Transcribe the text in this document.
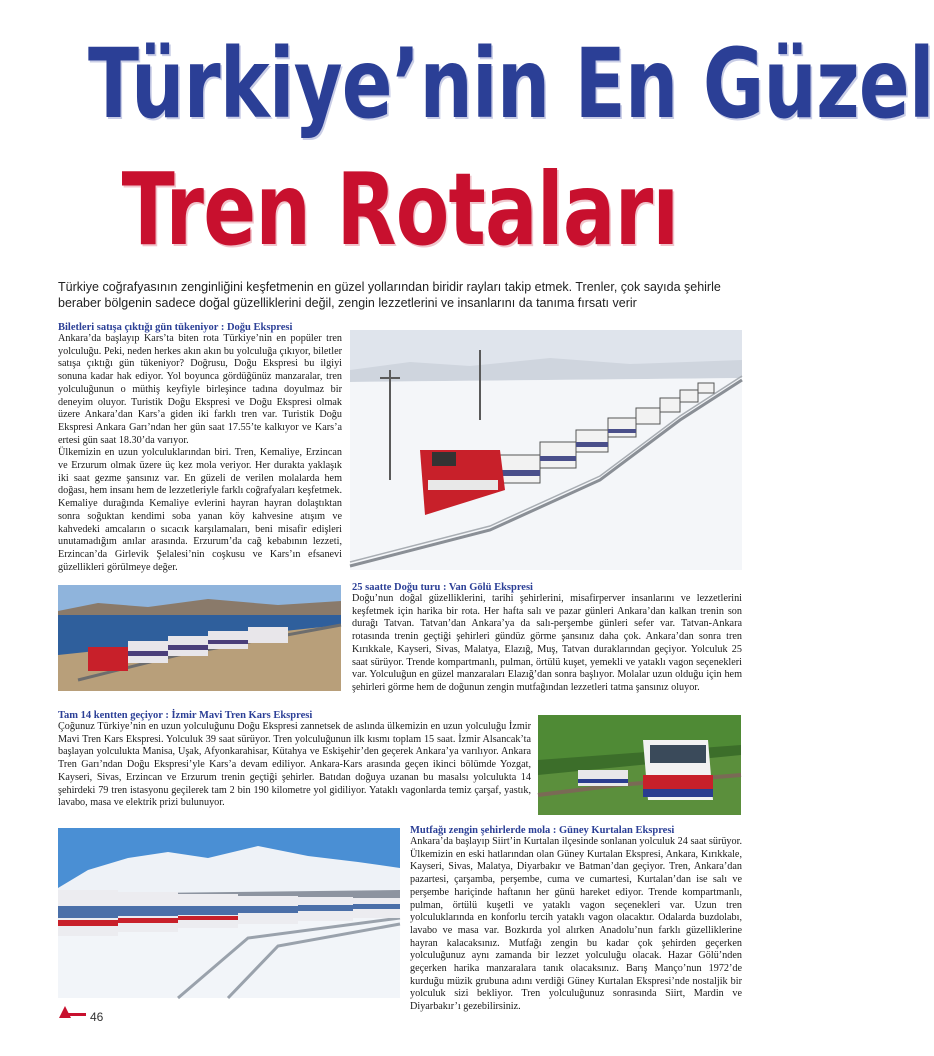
Türkiye’nin En Güzel
Tren Rotaları
Türkiye coğrafyasının zenginliğini keşfetmenin en güzel yollarından biridir rayları takip etmek. Trenler, çok sayıda şehirle beraber bölgenin sadece doğal güzelliklerini değil, zengin lezzetlerini ve insanlarını da tanıma fırsatı verir
Biletleri satışa çıktığı gün tükeniyor : Doğu Ekspresi
Ankara’da başlayıp Kars’ta biten rota Türkiye’nin en popüler tren yolculuğu. Peki, neden herkes akın akın bu yolculuğa çıkıyor, biletler satışa çıktığı gün tükeniyor? Doğrusu, Doğu Ekspresi bu ilgiyi sonuna kadar hak ediyor. Yol boyunca gördüğünüz manzaralar, tren yolculuğunun o müthiş keyfiyle birleşince tadına doyulmaz bir deneyim oluyor. Turistik Doğu Ekspresi ve Doğu Ekspresi olmak üzere Ankara’dan Kars’a giden iki farklı tren var. Turistik Doğu Ekspresi Ankara Garı’ndan her gün saat 17.55’te kalkıyor ve Kars’a ertesi gün saat 18.30’da varıyor.
Ülkemizin en uzun yolculuklarından biri. Tren, Kemaliye, Erzincan ve Erzurum olmak üzere üç kez mola veriyor. Her durakta yaklaşık iki saat gezme şansınız var. En güzeli de verilen molalarda hem doğası, hem insanı hem de lezzetleriyle farklı coğrafyaları keşfetmek. Kemaliye durağında Kemaliye evlerini hayran hayran dolaştıktan sonra soğuktan kendimi soba yanan köy kahvesine atışım ve kahvedeki amcaların o sıcacık karşılamaları, beni misafir edişleri unutamadığım anılar arasında. Erzurum’da cağ kebabının lezzeti, Erzincan’da Girlevik Şelalesi’nin coşkusu ve Kars’ın efsanevi güzellikleri görülmeye değer.
25 saatte Doğu turu : Van Gölü Ekspresi
Doğu’nun doğal güzelliklerini, tarihi şehirlerini, misafirperver insanlarını ve lezzetlerini keşfetmek için harika bir rota. Her hafta salı ve pazar günleri Ankara’dan kalkan trenin son durağı Tatvan. Tatvan’dan Ankara’ya da salı-perşembe günleri sefer var. Tatvan-Ankara rotasında trenin geçtiği şehirleri gündüz görme şansınız daha çok. Ankara’dan sonra tren Kırıkkale, Kayseri, Sivas, Malatya, Elazığ, Muş, Tatvan duraklarından geçiyor. Yolculuk 25 saat sürüyor. Trende kompartmanlı, pulman, örtülü kuşet, yemekli ve yataklı vagon seçenekleri var. Yolculuğun en güzel manzaraları Elazığ’dan sonra başlıyor. Molalar uzun olduğu için hem şehirleri görme hem de doğunun zengin mutfağından lezzetleri tatma şansınız oluyor.
Tam 14 kentten geçiyor : İzmir Mavi Tren Kars Ekspresi
Çoğunuz Türkiye’nin en uzun yolculuğunu Doğu Ekspresi zannetsek de aslında ülkemizin en uzun yolculuğu İzmir Mavi Tren Kars Ekspresi. Yolculuk 39 saat sürüyor. Tren yolculuğunun ilk kısmı toplam 15 saat. İzmir Alsancak’ta başlayan yolculukta Manisa, Uşak, Afyonkarahisar, Kütahya ve Eskişehir’den geçerek Ankara’ya varılıyor. Ankara Tren Garı’ndan Doğu Ekspresi’yle Kars’a devam ediliyor. Ankara-Kars arasında geçen ikinci bölümde Yozgat, Kayseri, Sivas, Erzincan ve Erzurum trenin geçtiği şehirler. Batıdan doğuya uzanan bu masalsı yolculukta 14 şehirdeki 79 tren istasyonu geçilerek tam 2 bin 190 kilometre yol gidiliyor. Yataklı vagonlarda temiz çarşaf, yastık, lavabo, masa ve elektrik prizi bulunuyor.
Mutfağı zengin şehirlerde mola : Güney Kurtalan Ekspresi
Ankara’da başlayıp Siirt’in Kurtalan ilçesinde sonlanan yolculuk 24 saat sürüyor. Ülkemizin en eski hatlarından olan Güney Kurtalan Ekspresi, Ankara, Kırıkkale, Kayseri, Sivas, Malatya, Diyarbakır ve Batman’dan geçiyor. Tren, Ankara’dan pazartesi, çarşamba, perşembe, cuma ve cumartesi, Kurtalan’dan ise salı ve perşembe hariçinde haftanın her günü hareket ediyor. Trende kompartmanlı, pulman, örtülü kuşetli ve yataklı vagon seçenekleri var. Uzun tren yolculuklarında en konforlu tercih yataklı vagon olacaktır. Odalarda buzdolabı, lavabo ve masa var. Bozkırda yol alırken Anadolu’nun farklı güzelliklerine hayran kalacaksınız. Mutfağı zengin bu kadar çok şehirden geçerken yolculuğunuz aynı zamanda bir lezzet yolculuğu olacak. Hazar Gölü’nden geçerken harika manzaralara tanık olacaksınız. Barış Manço’nun 1972’de kurduğu müzik grubuna adını verdiği Güney Kurtalan Ekspresi’nde nostaljik bir yolculuk sizi bekliyor. Tren yolculuğunuz sonrasında Siirt, Mardin ve Diyarbakır’ı gezebilirsiniz.
46
